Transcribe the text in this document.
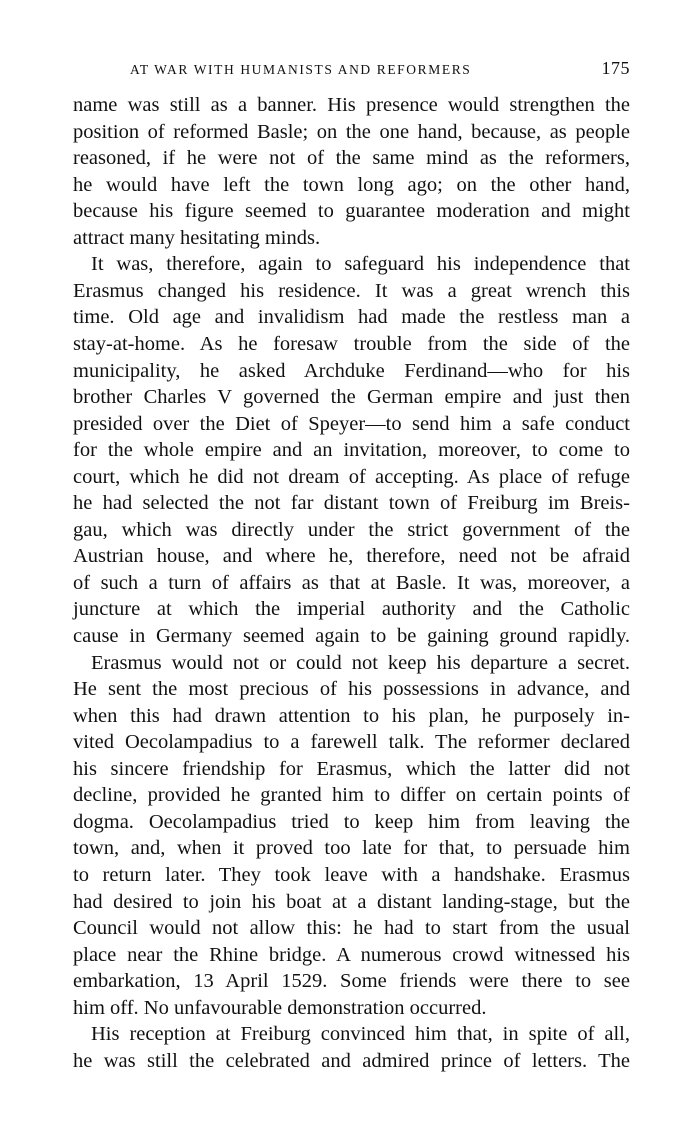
AT WAR WITH HUMANISTS AND REFORMERS	175
name was still as a banner. His presence would strengthen the
position of reformed Basle; on the one hand, because, as people
reasoned, if he were not of the same mind as the reformers,
he would have left the town long ago; on the other hand,
because his figure seemed to guarantee moderation and might
attract many hesitating minds.
It was, therefore, again to safeguard his independence that
Erasmus changed his residence. It was a great wrench this
time. Old age and invalidism had made the restless man a
stay-at-home. As he foresaw trouble from the side of the
municipality, he asked Archduke Ferdinand—who for his
brother Charles V governed the German empire and just then
presided over the Diet of Speyer—to send him a safe conduct
for the whole empire and an invitation, moreover, to come to
court, which he did not dream of accepting. As place of refuge
he had selected the not far distant town of Freiburg im Breis-
gau, which was directly under the strict government of the
Austrian house, and where he, therefore, need not be afraid
of such a turn of affairs as that at Basle. It was, moreover, a
juncture at which the imperial authority and the Catholic
cause in Germany seemed again to be gaining ground rapidly.
Erasmus would not or could not keep his departure a secret.
He sent the most precious of his possessions in advance, and
when this had drawn attention to his plan, he purposely in-
vited Oecolampadius to a farewell talk. The reformer declared
his sincere friendship for Erasmus, which the latter did not
decline, provided he granted him to differ on certain points of
dogma. Oecolampadius tried to keep him from leaving the
town, and, when it proved too late for that, to persuade him
to return later. They took leave with a handshake. Erasmus
had desired to join his boat at a distant landing-stage, but the
Council would not allow this: he had to start from the usual
place near the Rhine bridge. A numerous crowd witnessed his
embarkation, 13 April 1529. Some friends were there to see
him off. No unfavourable demonstration occurred.
His reception at Freiburg convinced him that, in spite of all,
he was still the celebrated and admired prince of letters. The
